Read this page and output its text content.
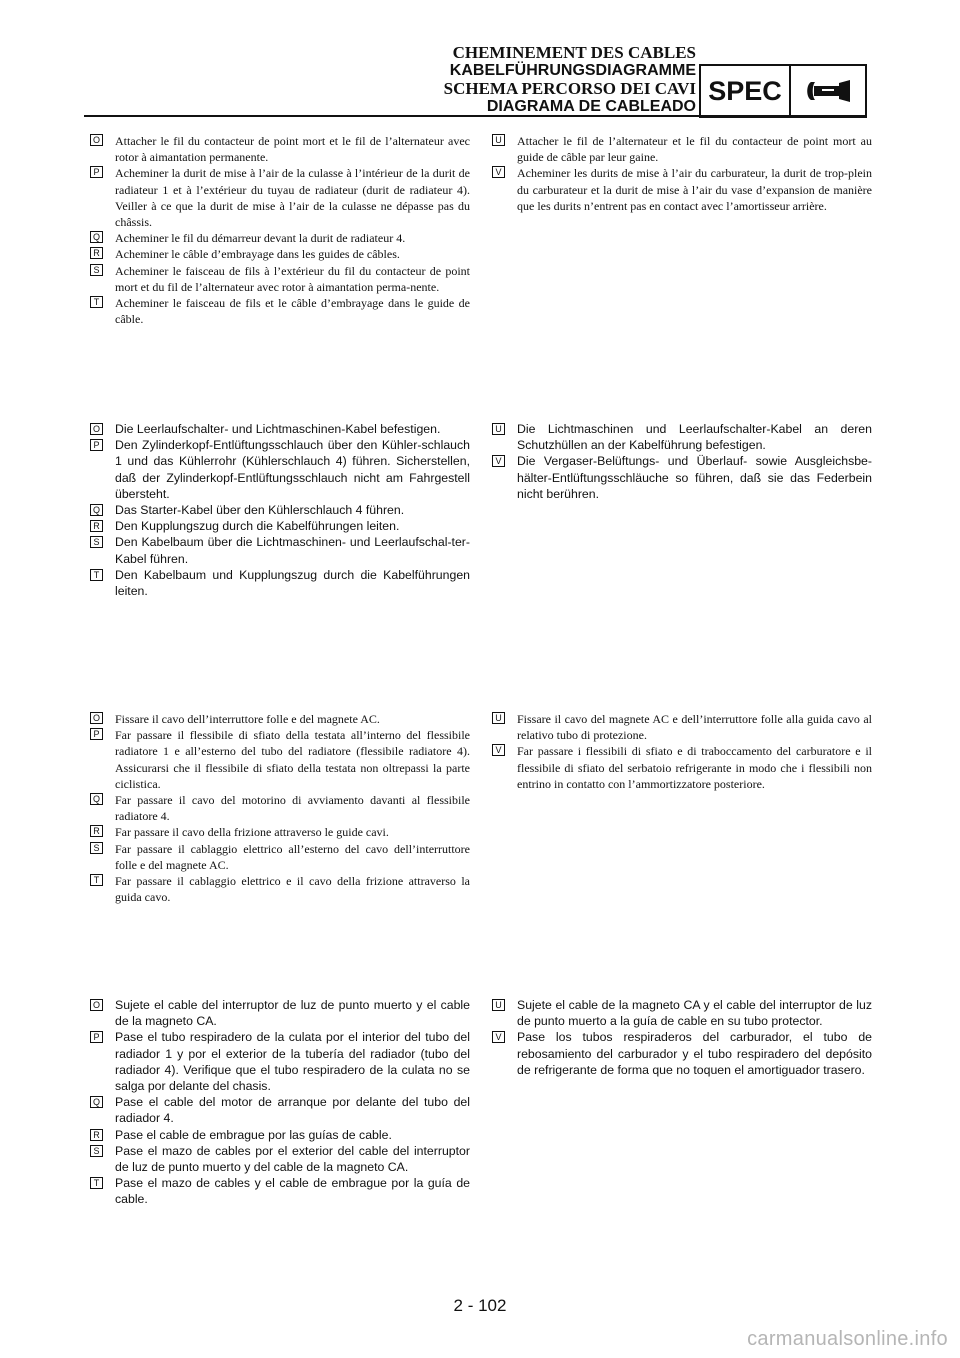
CHEMINEMENT DES CABLES
KABELFÜHRUNGSDIAGRAMME
SCHEMA PERCORSO DEI CAVI
DIAGRAMA DE CABLEADO
SPEC
O Attacher le fil du contacteur de point mort et le fil de l’alternateur avec rotor à aimantation permanente.
P Acheminer la durit de mise à l’air de la culasse à l’intérieur de la durit de radiateur 1 et à l’extérieur du tuyau de radiateur (durit de radiateur 4). Veiller à ce que la durit de mise à l’air de la culasse ne dépasse pas du châssis.
Q Acheminer le fil du démarreur devant la durit de radiateur 4.
R Acheminer le câble d’embrayage dans les guides de câbles.
S Acheminer le faisceau de fils à l’extérieur du fil du contacteur de point mort et du fil de l’alternateur avec rotor à aimantation perma-nente.
T	Acheminer le faisceau de fils et le câble d’embrayage dans le guide de câble.
U Attacher le fil de l’alternateur et le fil du contacteur de point mort au guide de câble par leur gaine.
V Acheminer les durits de mise à l’air du carburateur, la durit de trop-plein du carburateur et la durit de mise à l’air du vase d’expansion de manière que les durits n’entrent pas en contact avec l’amortisseur arrière.
O Die Leerlaufschalter- und Lichtmaschinen-Kabel befestigen.
P Den Zylinderkopf-Entlüftungsschlauch über den Kühler-schlauch 1 und das Kühlerrohr (Kühlerschlauch 4) führen. Sicherstellen, daß der Zylinderkopf-Entlüftungsschlauch nicht am Fahrgestell übersteht.
Q Das Starter-Kabel über den Kühlerschlauch 4 führen.
R Den Kupplungszug durch die Kabelführungen leiten.
S Den Kabelbaum über die Lichtmaschinen- und Leerlaufschal-ter-Kabel führen.
T	Den Kabelbaum und Kupplungszug durch die Kabelführungen leiten.
U Die Lichtmaschinen und Leerlaufschalter-Kabel an deren Schutzhüllen an der Kabelführung befestigen.
V Die Vergaser-Belüftungs- und Überlauf- sowie Ausgleichsbe-hälter-Entlüftungsschläuche so führen, daß sie das Federbein nicht berühren.
O Fissare il cavo dell’interruttore folle e del magnete AC.
P Far passare il flessibile di sfiato della testata all’interno del flessibile radiatore 1 e all’esterno del tubo del radiatore (flessibile radiatore 4). Assicurarsi che il flessibile di sfiato della testata non oltrepassi la parte ciclistica.
Q Far passare il cavo del motorino di avviamento davanti al flessibile radiatore 4.
R Far passare il cavo della frizione attraverso le guide cavi.
S Far passare il cablaggio elettrico all’esterno del cavo dell’interruttore folle e del magnete AC.
T	Far passare il cablaggio elettrico e il cavo della frizione attraverso la guida cavo.
U Fissare il cavo del magnete AC e dell’interruttore folle alla guida cavo al relativo tubo di protezione.
V Far passare i flessibili di sfiato e di traboccamento del carburatore e il flessibile di sfiato del serbatoio refrigerante in modo che i flessibili non entrino in contatto con l’ammortizzatore posteriore.
O Sujete el cable del interruptor de luz de punto muerto y el cable de la magneto CA.
P Pase el tubo respiradero de la culata por el interior del tubo del radiador 1 y por el exterior de la tubería del radiador (tubo del radiador 4). Verifique que el tubo respiradero de la culata no se salga por delante del chasis.
Q Pase el cable del motor de arranque por delante del tubo del radiador 4.
R Pase el cable de embrague por las guías de cable.
S Pase el mazo de cables por el exterior del cable del interruptor de luz de punto muerto y del cable de la magneto CA.
T	Pase el mazo de cables y el cable de embrague por la guía de cable.
U Sujete el cable de la magneto CA y el cable del interruptor de luz de punto muerto a la guía de cable en su tubo protector.
V Pase los tubos respiraderos del carburador, el tubo de rebosamiento del carburador y el tubo respiradero del depósito de refrigerante de forma que no toquen el amortiguador trasero.
2 - 102
carmanualsonline.info
